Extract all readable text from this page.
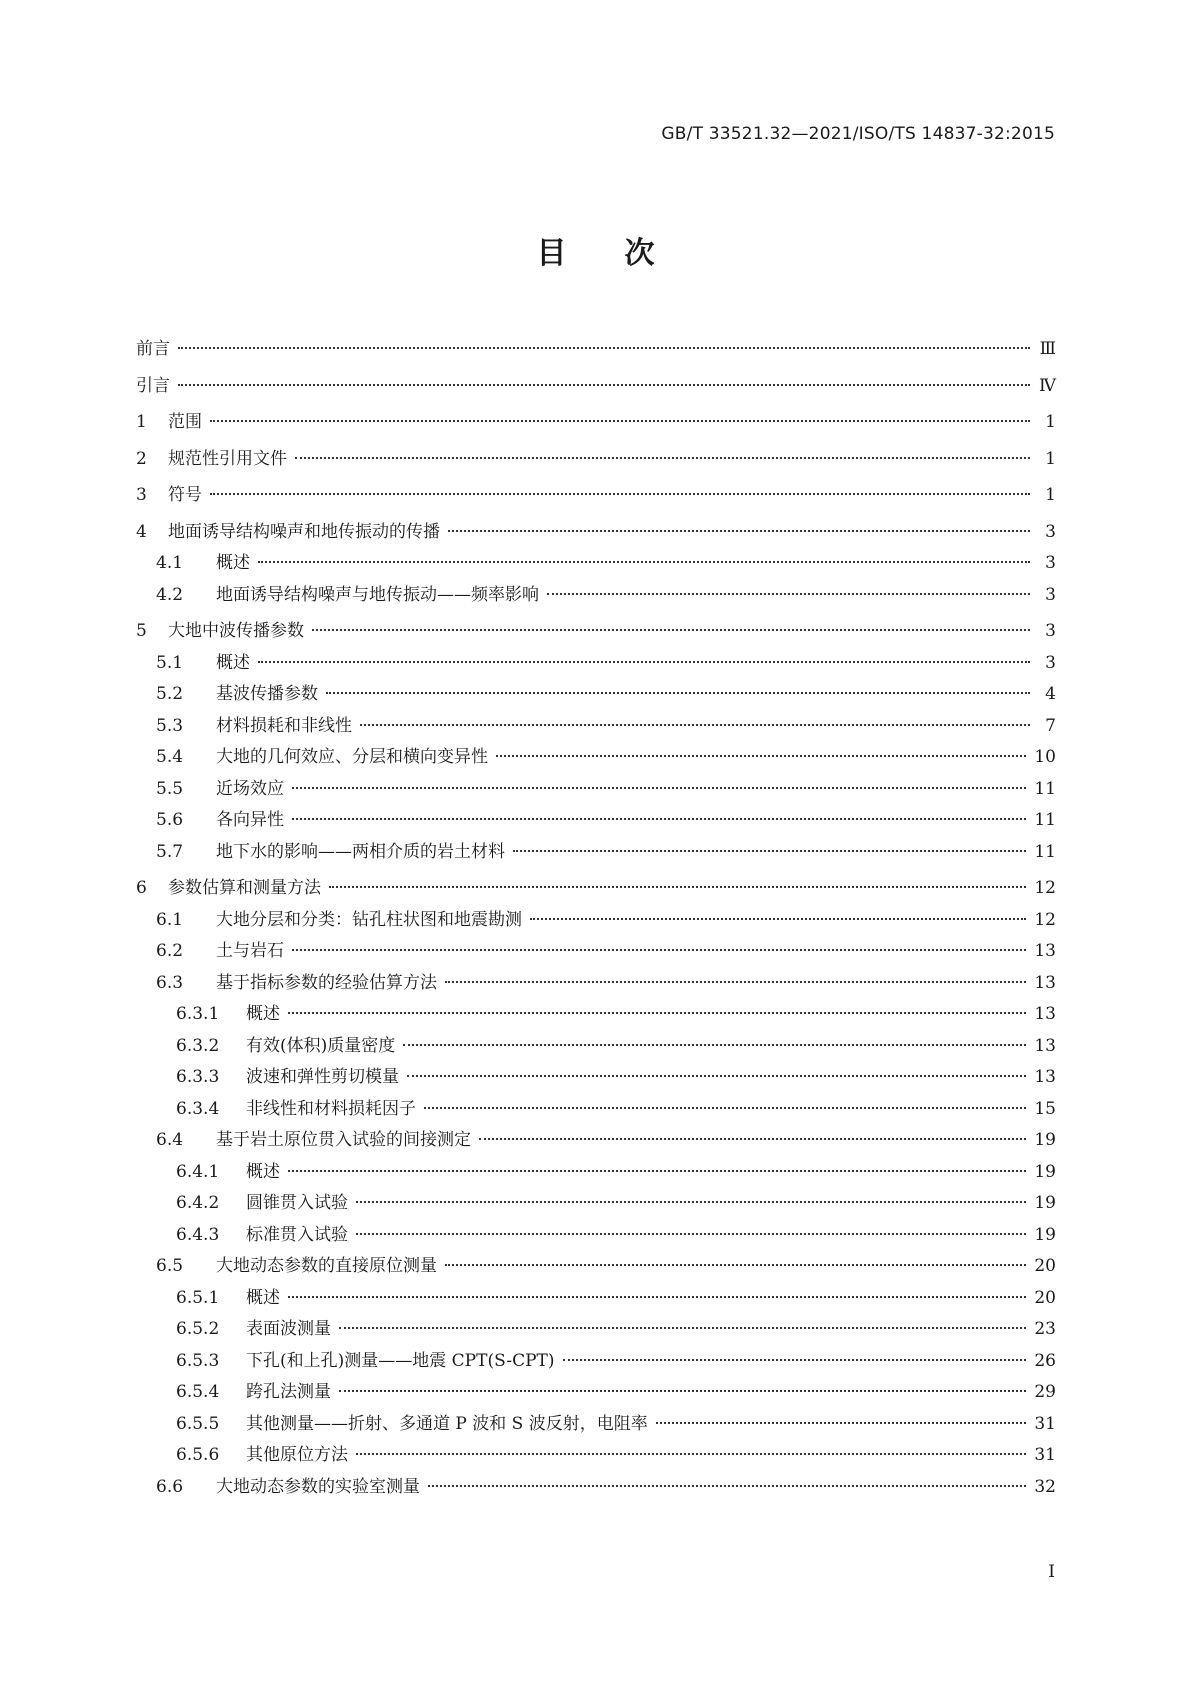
GB/T 33521.32—2021/ISO/TS 14837-32:2015
目次
前言	Ⅲ
引言	Ⅳ
1 范围	1
2 规范性引用文件	1
3 符号	1
4 地面诱导结构噪声和地传振动的传播	3
4.1	概述	3
4.2	地面诱导结构噪声与地传振动——频率影响	3
5 大地中波传播参数	3
5.1	概述	3
5.2	基波传播参数	4
5.3	材料损耗和非线性	7
5.4	大地的几何效应、分层和横向变异性	10
5.5	近场效应	11
5.6	各向异性	11
5.7	地下水的影响——两相介质的岩土材料	11
6 参数估算和测量方法	12
6.1	大地分层和分类：钻孔柱状图和地震勘测	12
6.2	土与岩石	13
6.3	基于指标参数的经验估算方法	13
6.3.1	概述	13
6.3.2	有效(体积)质量密度	13
6.3.3	波速和弹性剪切模量	13
6.3.4	非线性和材料损耗因子	15
6.4	基于岩土原位贯入试验的间接测定	19
6.4.1	概述	19
6.4.2	圆锥贯入试验	19
6.4.3	标准贯入试验	19
6.5	大地动态参数的直接原位测量	20
6.5.1	概述	20
6.5.2	表面波测量	23
6.5.3	下孔(和上孔)测量——地震 CPT(S-CPT)	26
6.5.4	跨孔法测量	29
6.5.5	其他测量——折射、多通道 P 波和 S 波反射，电阻率	31
6.5.6	其他原位方法	31
6.6	大地动态参数的实验室测量	32
I
